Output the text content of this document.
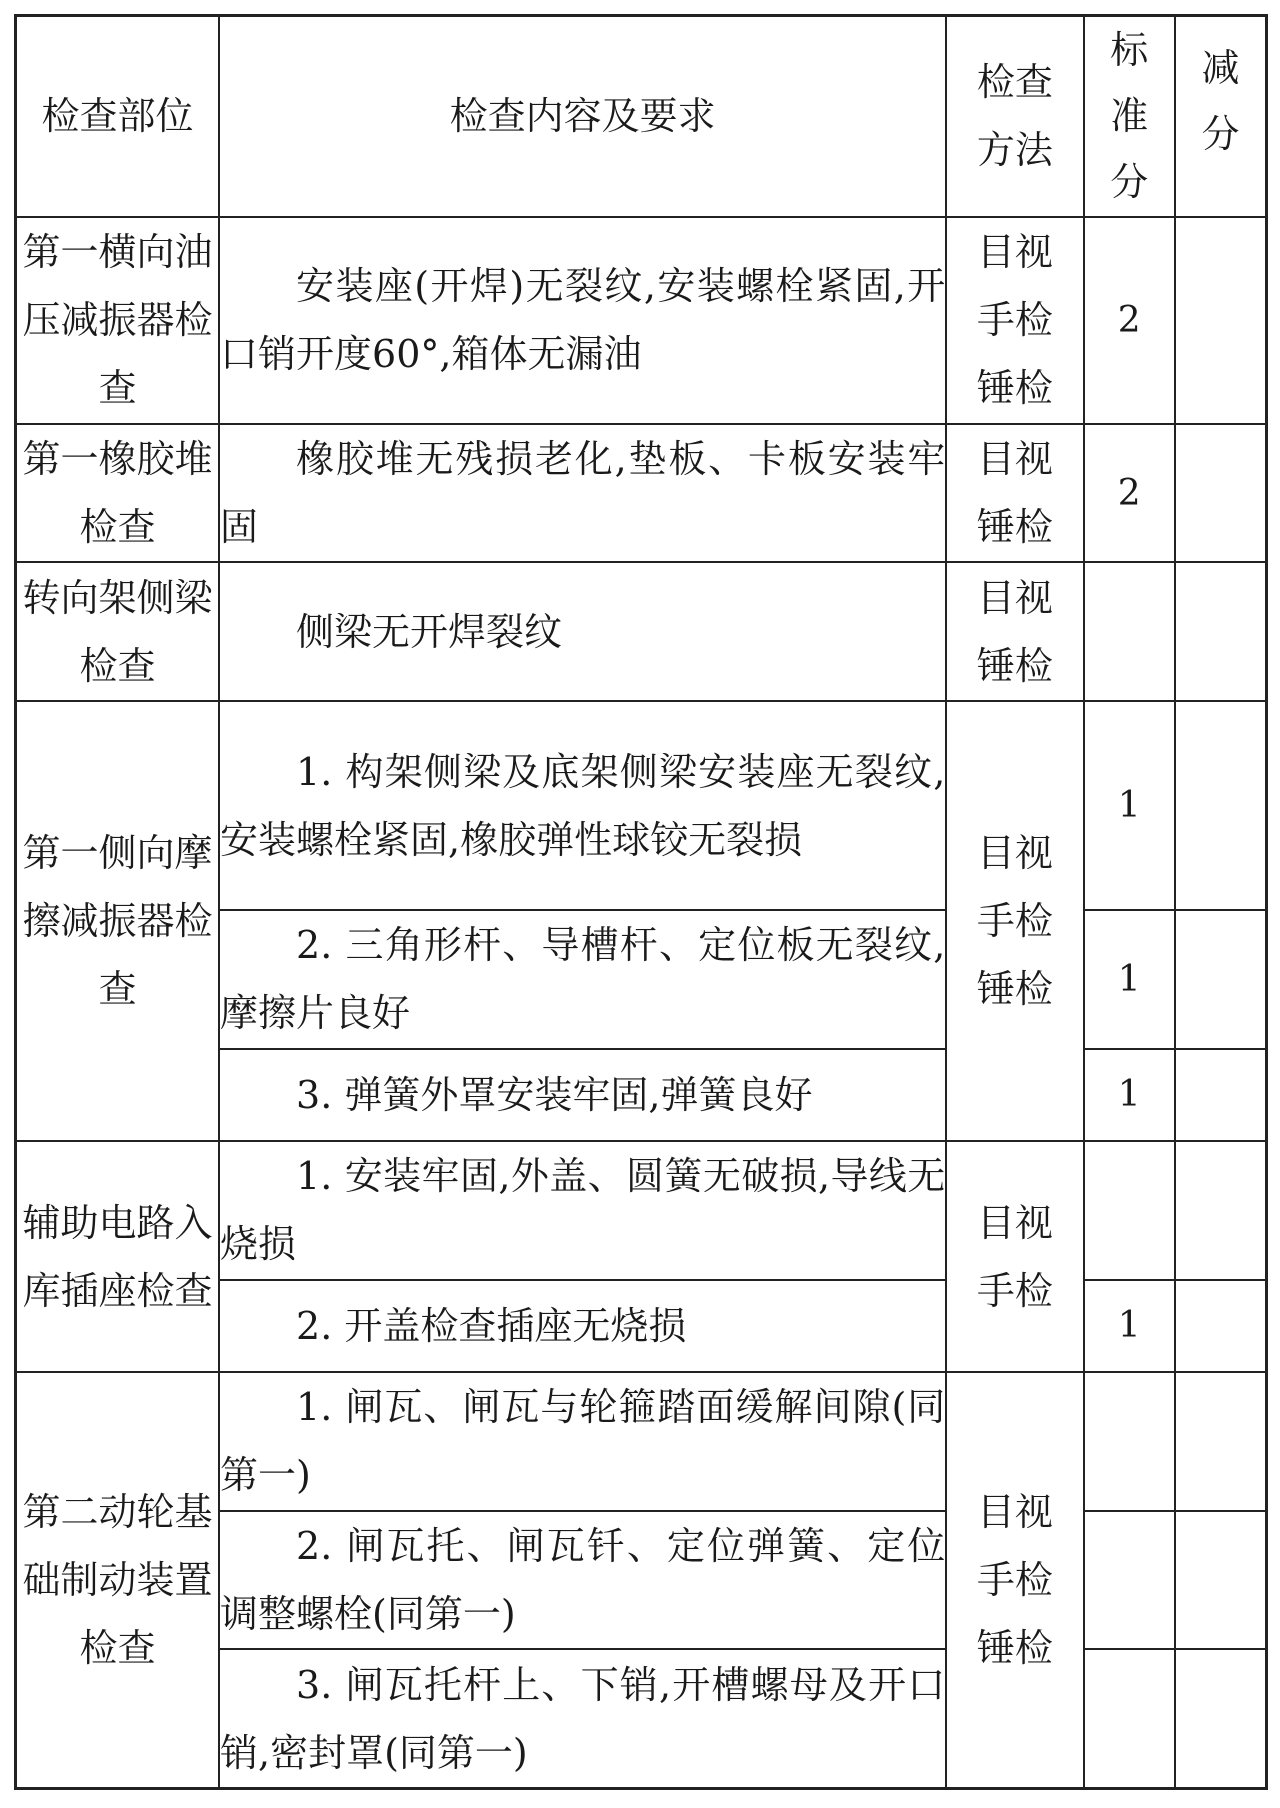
检查部位	检查内容及要求	检查方法	标准分	减分
第一横向油压减振器检查	安装座(开焊)无裂纹,安装螺栓紧固,开口销开度60°,箱体无漏油	目视手检锤检	2	
第一橡胶堆检查	橡胶堆无残损老化,垫板、卡板安装牢固	目视锤检	2	
转向架侧梁检查	侧梁无开焊裂纹	目视锤检		
第一侧向摩擦减振器检查	1. 构架侧梁及底架侧梁安装座无裂纹,安装螺栓紧固,橡胶弹性球铰无裂损	目视手检锤检	1	
	2. 三角形杆、导槽杆、定位板无裂纹,摩擦片良好		1	
	3. 弹簧外罩安装牢固,弹簧良好		1	
辅助电路入库插座检查	1. 安装牢固,外盖、圆簧无破损,导线无烧损	目视手检		
	2. 开盖检查插座无烧损		1	
第二动轮基础制动装置检查	1. 闸瓦、闸瓦与轮箍踏面缓解间隙(同第一)	目视手检锤检		
	2. 闸瓦托、闸瓦钎、定位弹簧、定位调整螺栓(同第一)			
	3. 闸瓦托杆上、下销,开槽螺母及开口销,密封罩(同第一)			
